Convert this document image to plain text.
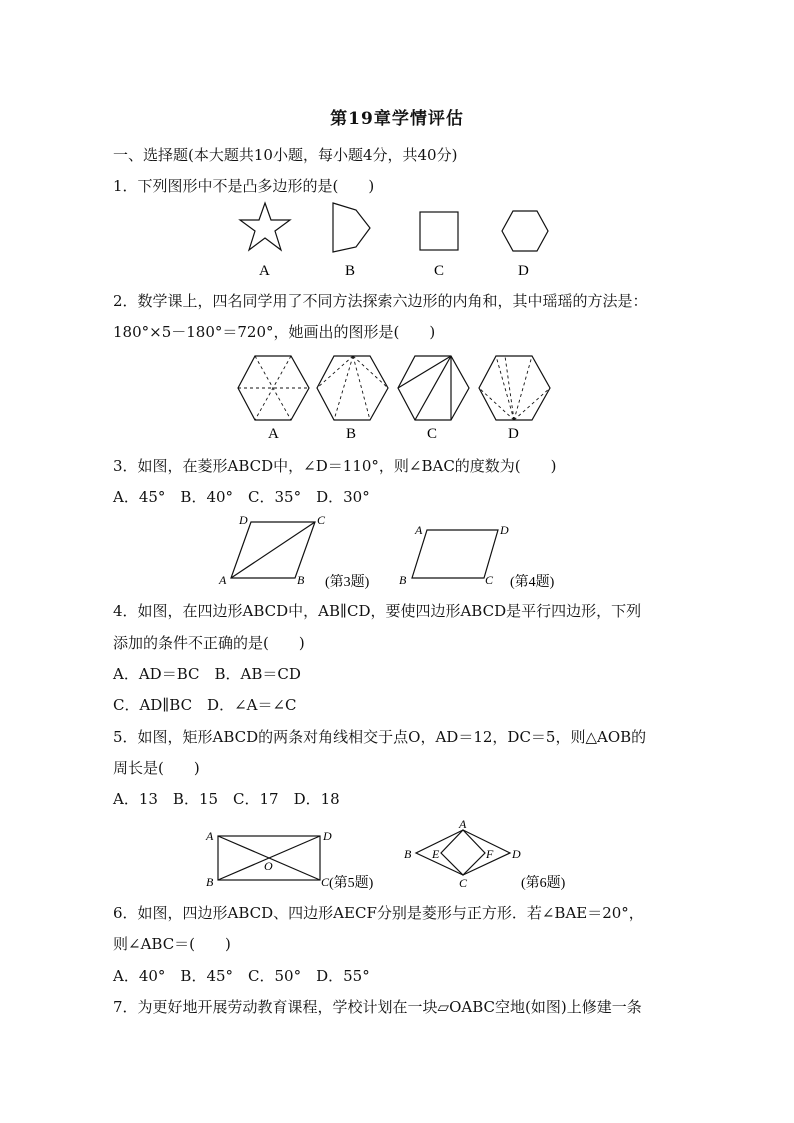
第19章学情评估
一、选择题(本大题共10小题，每小题4分，共40分)
1．下列图形中不是凸多边形的是(　　)
A	B	C	D
2．数学课上，四名同学用了不同方法探索六边形的内角和，其中瑶瑶的方法是：
180°×5－180°＝720°，她画出的图形是(　　)
A	B	C	D
3．如图，在菱形ABCD中，∠D＝110°，则∠BAC的度数为(　　)
A．45°　B．40°　C．35°　D．30°
A	B
C
D
(第3题)
A	D
B	C (第4题)
4．如图，在四边形ABCD中，AB∥CD，要使四边形ABCD是平行四边形，下列
添加的条件不正确的是(　　)
A．AD＝BC　B．AB＝CD
C．AD∥BC　D．∠A＝∠C
5．如图，矩形ABCD的两条对角线相交于点O，AD＝12，DC＝5，则△AOB的
周长是(　　)
A．13　B．15　C．17　D．18
A	D
B	C
O
(第5题)
A
B
C
D
E	F
(第6题)
6．如图，四边形ABCD、四边形AECF分别是菱形与正方形．若∠BAE＝20°，
则∠ABC＝(　　)
A．40°　B．45°　C．50°　D．55°
7．为更好地开展劳动教育课程，学校计划在一块▱OABC空地(如图)上修建一条
